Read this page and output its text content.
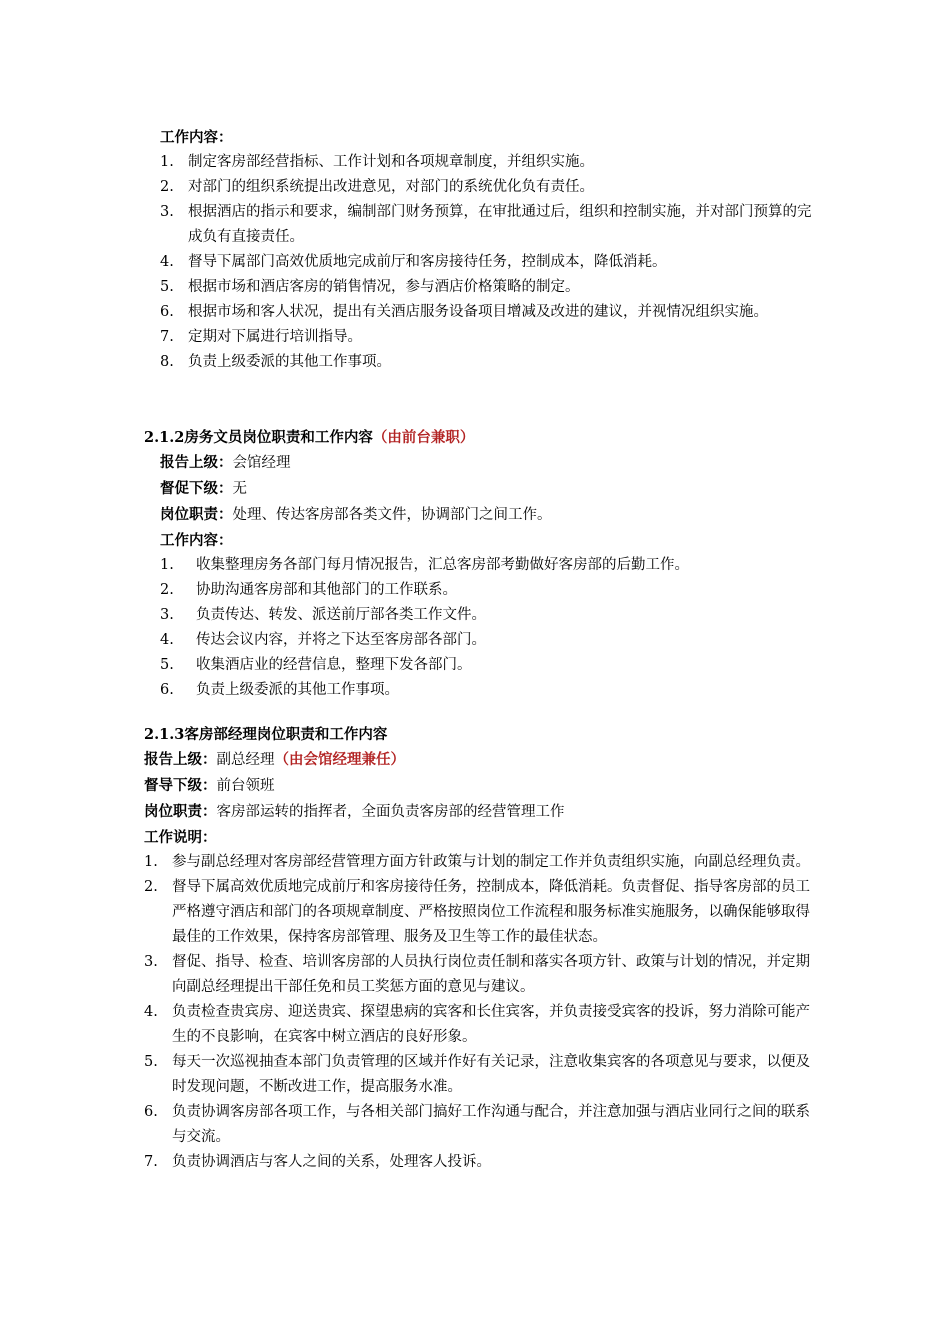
工作内容：
1. 制定客房部经营指标、工作计划和各项规章制度，并组织实施。
2. 对部门的组织系统提出改进意见，对部门的系统优化负有责任。
3. 根据酒店的指示和要求，编制部门财务预算，在审批通过后，组织和控制实施，并对部门预算的完成负有直接责任。
4. 督导下属部门高效优质地完成前厅和客房接待任务，控制成本，降低消耗。
5. 根据市场和酒店客房的销售情况，参与酒店价格策略的制定。
6. 根据市场和客人状况，提出有关酒店服务设备项目增减及改进的建议，并视情况组织实施。
7. 定期对下属进行培训指导。
8. 负责上级委派的其他工作事项。
2.1.2房务文员岗位职责和工作内容（由前台兼职）
报告上级：会馆经理
督促下级：无
岗位职责：处理、传达客房部各类文件，协调部门之间工作。
工作内容：
1. 收集整理房务各部门每月情况报告，汇总客房部考勤做好客房部的后勤工作。
2. 协助沟通客房部和其他部门的工作联系。
3. 负责传达、转发、派送前厅部各类工作文件。
4. 传达会议内容，并将之下达至客房部各部门。
5. 收集酒店业的经营信息，整理下发各部门。
6. 负责上级委派的其他工作事项。
2.1.3客房部经理岗位职责和工作内容
报告上级：副总经理（由会馆经理兼任）
督导下级：前台领班
岗位职责：客房部运转的指挥者，全面负责客房部的经营管理工作
工作说明：
1. 参与副总经理对客房部经营管理方面方针政策与计划的制定工作并负责组织实施，向副总经理负责。
2. 督导下属高效优质地完成前厅和客房接待任务，控制成本，降低消耗。负责督促、指导客房部的员工严格遵守酒店和部门的各项规章制度、严格按照岗位工作流程和服务标准实施服务，以确保能够取得最佳的工作效果，保持客房部管理、服务及卫生等工作的最佳状态。
3. 督促、指导、检查、培训客房部的人员执行岗位责任制和落实各项方针、政策与计划的情况，并定期向副总经理提出干部任免和员工奖惩方面的意见与建议。
4. 负责检查贵宾房、迎送贵宾、探望患病的宾客和长住宾客，并负责接受宾客的投诉，努力消除可能产生的不良影响，在宾客中树立酒店的良好形象。
5. 每天一次巡视抽查本部门负责管理的区域并作好有关记录，注意收集宾客的各项意见与要求，以便及时发现问题，不断改进工作，提高服务水准。
6. 负责协调客房部各项工作，与各相关部门搞好工作沟通与配合，并注意加强与酒店业同行之间的联系与交流。
7. 负责协调酒店与客人之间的关系，处理客人投诉。
